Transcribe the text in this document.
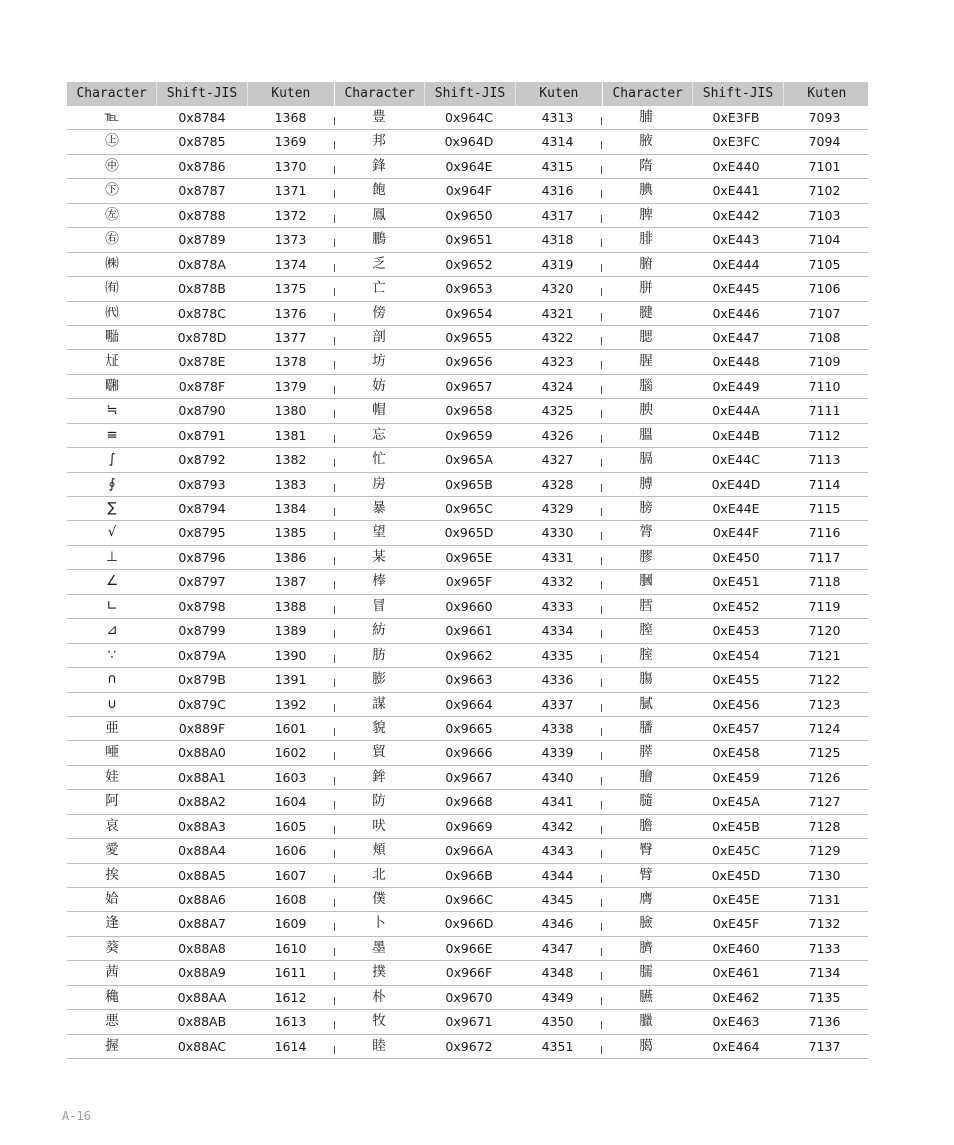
Character	Shift-JIS	Kuten	Character	Shift-JIS	Kuten	Character	Shift-JIS	Kuten
℡	0x8784	1368	豊	0x964C	4313	脯	0xE3FB	7093
㊤	0x8785	1369	邦	0x964D	4314	腋	0xE3FC	7094
㊥	0x8786	1370	鋒	0x964E	4315	隋	0xE440	7101
㊦	0x8787	1371	飽	0x964F	4316	腆	0xE441	7102
㊧	0x8788	1372	鳳	0x9650	4317	脾	0xE442	7103
㊨	0x8789	1373	鵬	0x9651	4318	腓	0xE443	7104
㈱	0x878A	1374	乏	0x9652	4319	腑	0xE444	7105
㈲	0x878B	1375	亡	0x9653	4320	胼	0xE445	7106
㈹	0x878C	1376	傍	0x9654	4321	腱	0xE446	7107
㍾	0x878D	1377	剖	0x9655	4322	腮	0xE447	7108
㍽	0x878E	1378	坊	0x9656	4323	腥	0xE448	7109
㍼	0x878F	1379	妨	0x9657	4324	腦	0xE449	7110
≒	0x8790	1380	帽	0x9658	4325	腴	0xE44A	7111
≡	0x8791	1381	忘	0x9659	4326	膃	0xE44B	7112
∫	0x8792	1382	忙	0x965A	4327	膈	0xE44C	7113
∮	0x8793	1383	房	0x965B	4328	膊	0xE44D	7114
∑	0x8794	1384	暴	0x965C	4329	膀	0xE44E	7115
√	0x8795	1385	望	0x965D	4330	膂	0xE44F	7116
⊥	0x8796	1386	某	0x965E	4331	膠	0xE450	7117
∠	0x8797	1387	棒	0x965F	4332	膕	0xE451	7118
∟	0x8798	1388	冒	0x9660	4333	膤	0xE452	7119
⊿	0x8799	1389	紡	0x9661	4334	膣	0xE453	7120
∵	0x879A	1390	肪	0x9662	4335	腟	0xE454	7121
∩	0x879B	1391	膨	0x9663	4336	膓	0xE455	7122
∪	0x879C	1392	謀	0x9664	4337	膩	0xE456	7123
亜	0x889F	1601	貌	0x9665	4338	膰	0xE457	7124
唖	0x88A0	1602	貿	0x9666	4339	膵	0xE458	7125
娃	0x88A1	1603	鉾	0x9667	4340	膾	0xE459	7126
阿	0x88A2	1604	防	0x9668	4341	膸	0xE45A	7127
哀	0x88A3	1605	吠	0x9669	4342	膽	0xE45B	7128
愛	0x88A4	1606	頬	0x966A	4343	臀	0xE45C	7129
挨	0x88A5	1607	北	0x966B	4344	臂	0xE45D	7130
姶	0x88A6	1608	僕	0x966C	4345	膺	0xE45E	7131
逢	0x88A7	1609	卜	0x966D	4346	臉	0xE45F	7132
葵	0x88A8	1610	墨	0x966E	4347	臍	0xE460	7133
茜	0x88A9	1611	撲	0x966F	4348	臑	0xE461	7134
穐	0x88AA	1612	朴	0x9670	4349	臙	0xE462	7135
悪	0x88AB	1613	牧	0x9671	4350	臘	0xE463	7136
握	0x88AC	1614	睦	0x9672	4351	臈	0xE464	7137
A-16
